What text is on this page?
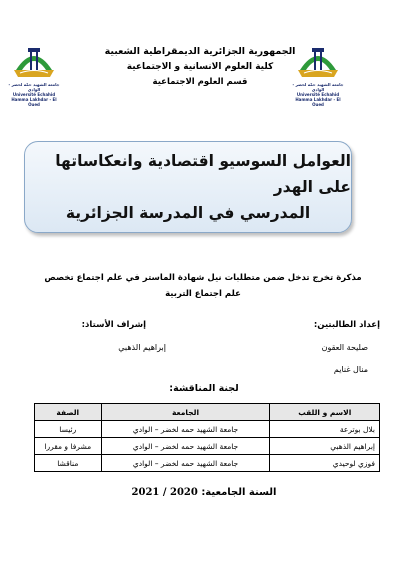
جامعة الشهيد حمّه لخضر - الوادي
Université Echahid Hamma Lakhdar - El Oued
جامعة الشهيد حمّه لخضر - الوادي
Université Echahid Hamma Lakhdar - El Oued
الجمهورية الجزائرية الديمقراطية الشعبية
كلية العلوم الانسانية و الاجتماعية
قسم العلوم الاجتماعية
العوامل السوسيو اقتصادية وانعكاساتها على الهدر
المدرسي في المدرسة الجزائرية
مذكرة تخرج تدخل ضمن متطلبات نيل شهادة الماستر في علم اجتماع تخصص
علم اجتماع التربية
إعداد الطالبتين:
إشراف الأستاذ:
صليحة العقون
منال غنايم
إبراهيم الذهبي
لجنة المناقشة:
الاسم و اللقب	الجامعة	الصفة
بلال بوترعة	جامعة الشهيد حمه لخضر – الوادي	رئيسا
إبراهيم الذهبي	جامعة الشهيد حمه لخضر – الوادي	مشرفا و مقررا
فوزي لوحيدي	جامعة الشهيد حمه لخضر – الوادي	مناقشا
السنة الجامعية: 2021 / 2020
